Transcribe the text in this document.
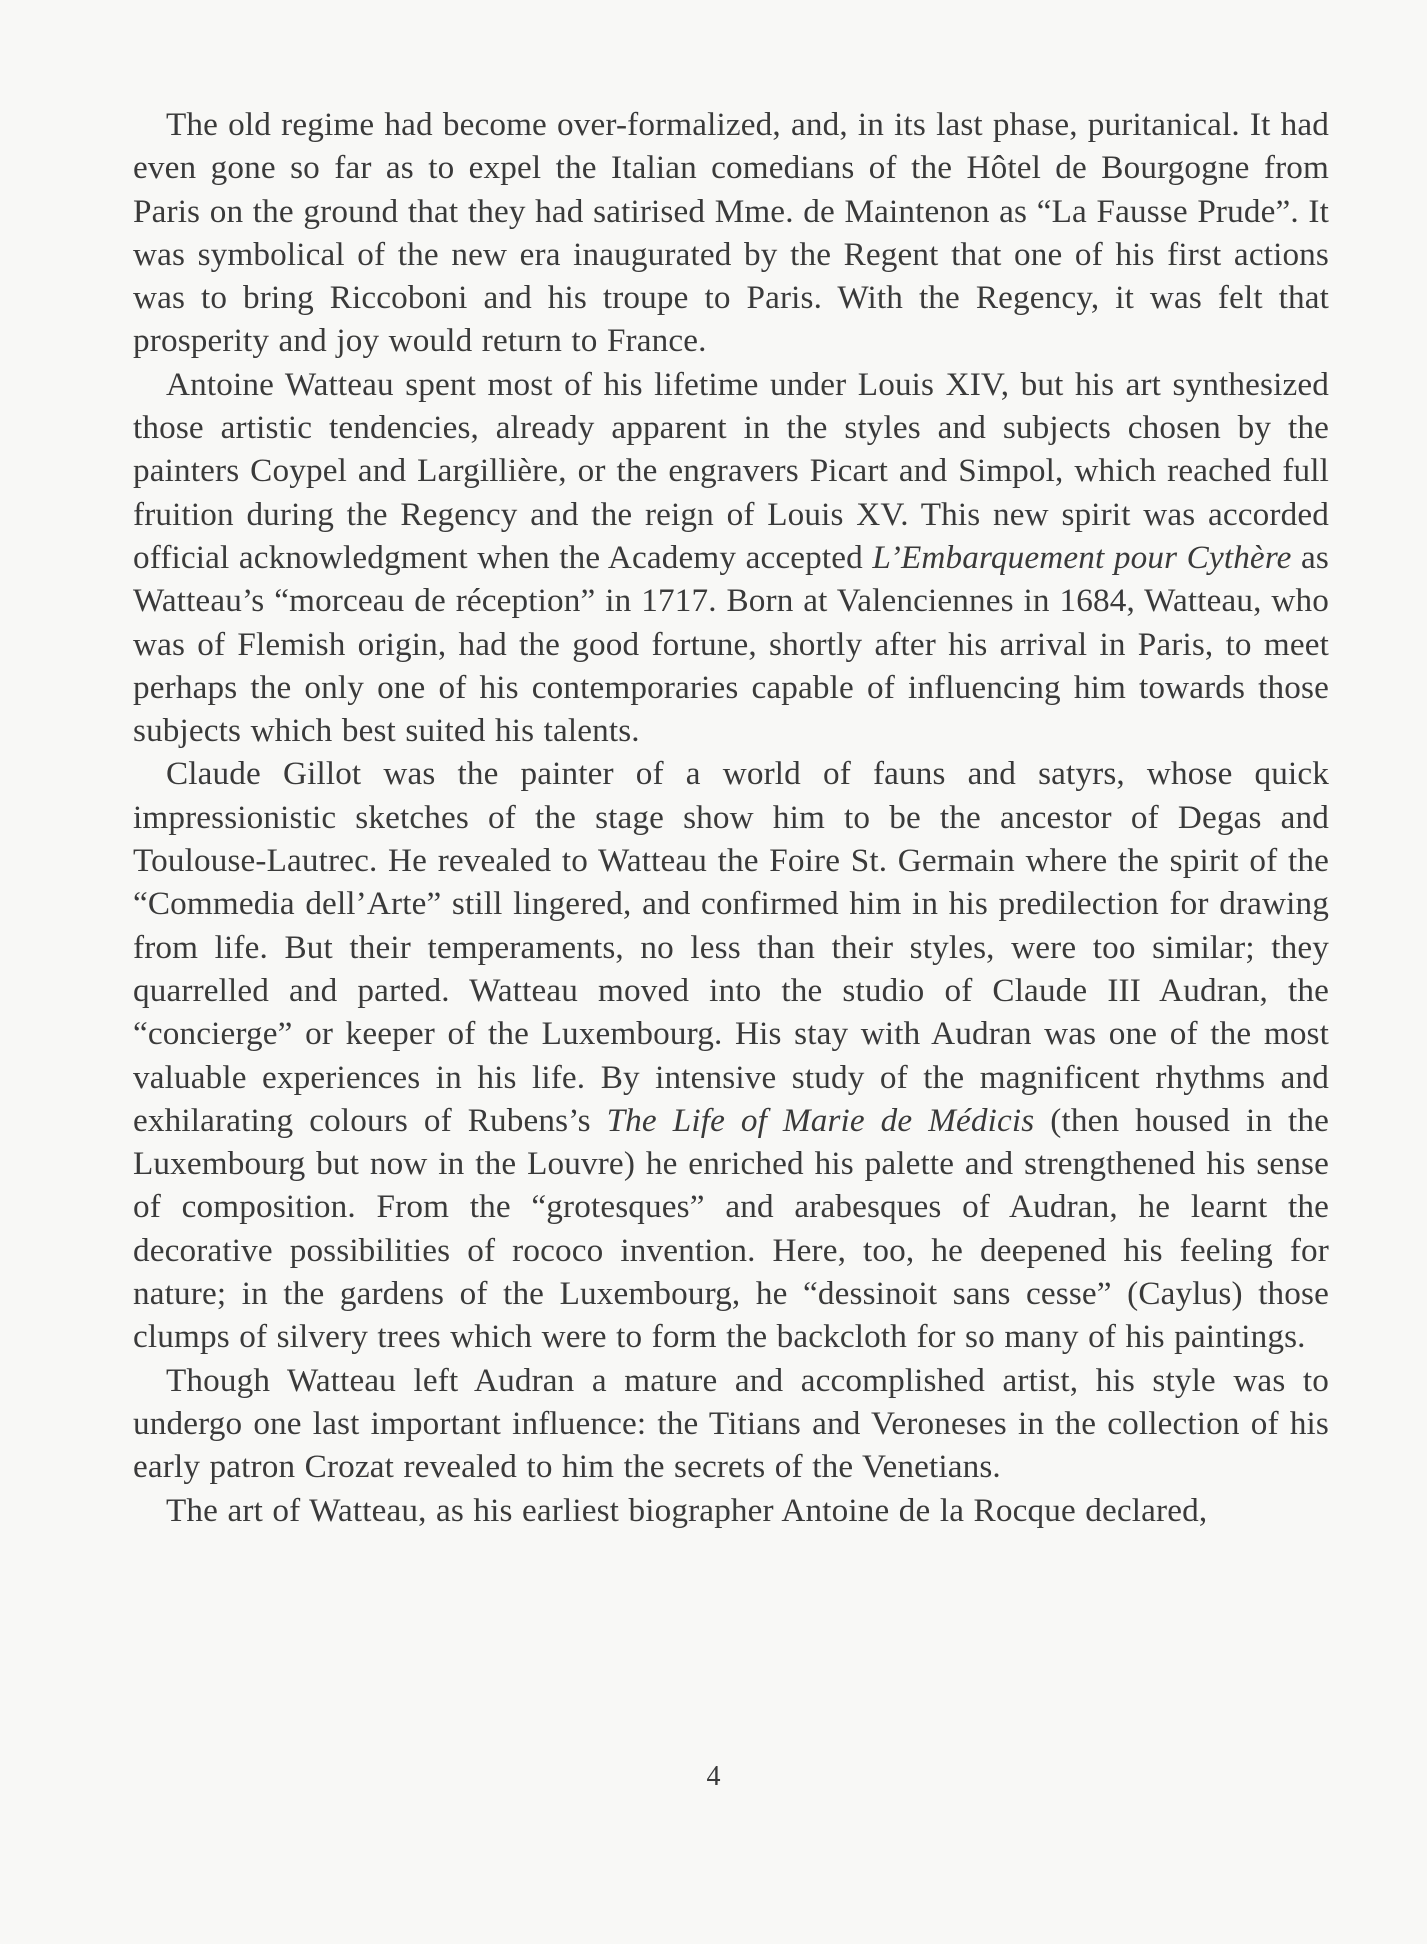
The old regime had become over-formalized, and, in its last phase, puritanical. It had even gone so far as to expel the Italian comedians of the Hôtel de Bourgogne from Paris on the ground that they had satirised Mme. de Maintenon as “La Fausse Prude”. It was symbolical of the new era inaugurated by the Regent that one of his first actions was to bring Riccoboni and his troupe to Paris. With the Regency, it was felt that prosperity and joy would return to France.

Antoine Watteau spent most of his lifetime under Louis XIV, but his art synthesized those artistic tendencies, already apparent in the styles and subjects chosen by the painters Coypel and Largillière, or the engravers Picart and Simpol, which reached full fruition during the Regency and the reign of Louis XV. This new spirit was accorded official acknowledgment when the Academy accepted L’Embarquement pour Cythère as Watteau’s “morceau de réception” in 1717. Born at Valenciennes in 1684, Watteau, who was of Flemish origin, had the good fortune, shortly after his arrival in Paris, to meet perhaps the only one of his contemporaries capable of influencing him towards those subjects which best suited his talents.

Claude Gillot was the painter of a world of fauns and satyrs, whose quick impressionistic sketches of the stage show him to be the ancestor of Degas and Toulouse-Lautrec. He revealed to Watteau the Foire St. Germain where the spirit of the “Commedia dell’Arte” still lingered, and confirmed him in his predilection for drawing from life. But their temperaments, no less than their styles, were too similar; they quarrelled and parted. Watteau moved into the studio of Claude III Audran, the “concierge” or keeper of the Luxembourg. His stay with Audran was one of the most valuable experiences in his life. By intensive study of the magnificent rhythms and exhilarating colours of Rubens’s The Life of Marie de Médicis (then housed in the Luxembourg but now in the Louvre) he enriched his palette and strengthened his sense of composition. From the “grotesques” and arabesques of Audran, he learnt the decorative possibilities of rococo invention. Here, too, he deepened his feeling for nature; in the gardens of the Luxembourg, he “dessinoit sans cesse” (Caylus) those clumps of silvery trees which were to form the backcloth for so many of his paintings.

Though Watteau left Audran a mature and accomplished artist, his style was to undergo one last important influence: the Titians and Veroneses in the collection of his early patron Crozat revealed to him the secrets of the Venetians.

The art of Watteau, as his earliest biographer Antoine de la Rocque declared,

4
